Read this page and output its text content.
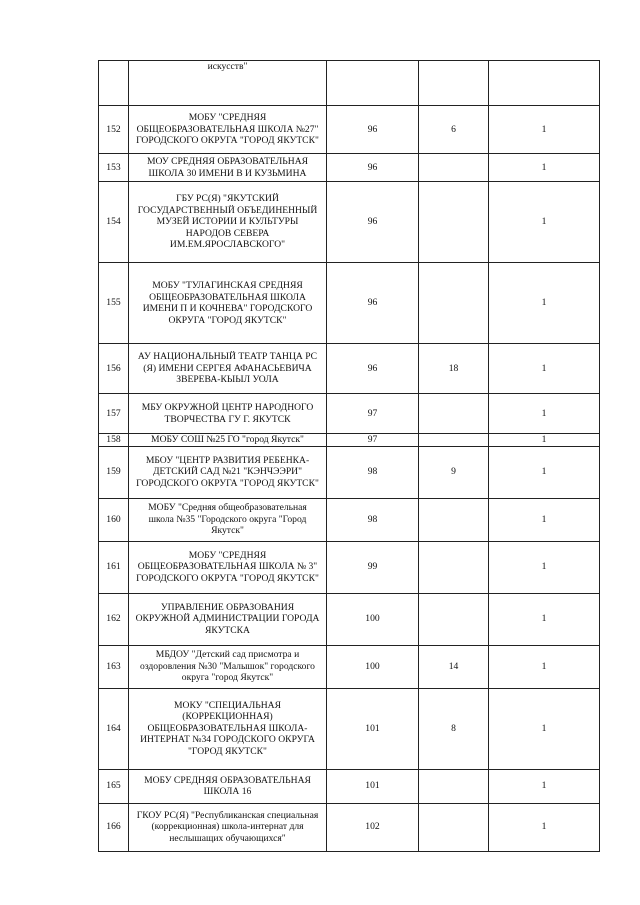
	искусств"			
152	МОБУ "СРЕДНЯЯ ОБЩЕОБРАЗОВАТЕЛЬНАЯ ШКОЛА №27" ГОРОДСКОГО ОКРУГА "ГОРОД ЯКУТСК"	96	6	1
153	МОУ СРЕДНЯЯ ОБРАЗОВАТЕЛЬНАЯ ШКОЛА 30 ИМЕНИ В И КУЗЬМИНА	96		1
154	ГБУ РС(Я) "ЯКУТСКИЙ ГОСУДАРСТВЕННЫЙ ОБЪЕДИНЕННЫЙ МУЗЕЙ ИСТОРИИ И КУЛЬТУРЫ НАРОДОВ СЕВЕРА ИМ.ЕМ.ЯРОСЛАВСКОГО"	96		1
155	МОБУ "ТУЛАГИНСКАЯ СРЕДНЯЯ ОБЩЕОБРАЗОВАТЕЛЬНАЯ ШКОЛА ИМЕНИ П И КОЧНЕВА" ГОРОДСКОГО ОКРУГА "ГОРОД ЯКУТСК"	96		1
156	АУ НАЦИОНАЛЬНЫЙ ТЕАТР ТАНЦА РС (Я) ИМЕНИ СЕРГЕЯ АФАНАСЬЕВИЧА ЗВЕРЕВА-КЫЫЛ УОЛА	96	18	1
157	МБУ ОКРУЖНОЙ ЦЕНТР НАРОДНОГО ТВОРЧЕСТВА ГУ Г. ЯКУТСК	97		1
158	МОБУ СОШ №25 ГО "город Якутск"	97		1
159	МБОУ "ЦЕНТР РАЗВИТИЯ РЕБЕНКА-ДЕТСКИЙ САД №21 "КЭНЧЭЭРИ" ГОРОДСКОГО ОКРУГА "ГОРОД ЯКУТСК"	98	9	1
160	МОБУ "Средняя общеобразовательная школа №35 "Городского округа "Город Якутск"	98		1
161	МОБУ "СРЕДНЯЯ ОБЩЕОБРАЗОВАТЕЛЬНАЯ ШКОЛА № 3" ГОРОДСКОГО ОКРУГА "ГОРОД ЯКУТСК"	99		1
162	УПРАВЛЕНИЕ ОБРАЗОВАНИЯ ОКРУЖНОЙ АДМИНИСТРАЦИИ ГОРОДА ЯКУТСКА	100		1
163	МБДОУ "Детский сад присмотра и оздоровления №30 "Малышок" городского округа "город Якутск"	100	14	1
164	МОКУ "СПЕЦИАЛЬНАЯ (КОРРЕКЦИОННАЯ) ОБЩЕОБРАЗОВАТЕЛЬНАЯ ШКОЛА-ИНТЕРНАТ №34 ГОРОДСКОГО ОКРУГА "ГОРОД ЯКУТСК"	101	8	1
165	МОБУ СРЕДНЯЯ ОБРАЗОВАТЕЛЬНАЯ ШКОЛА 16	101		1
166	ГКОУ РС(Я) "Республиканская специальная (коррекционная) школа-интернат для неслышащих обучающихся"	102		1
